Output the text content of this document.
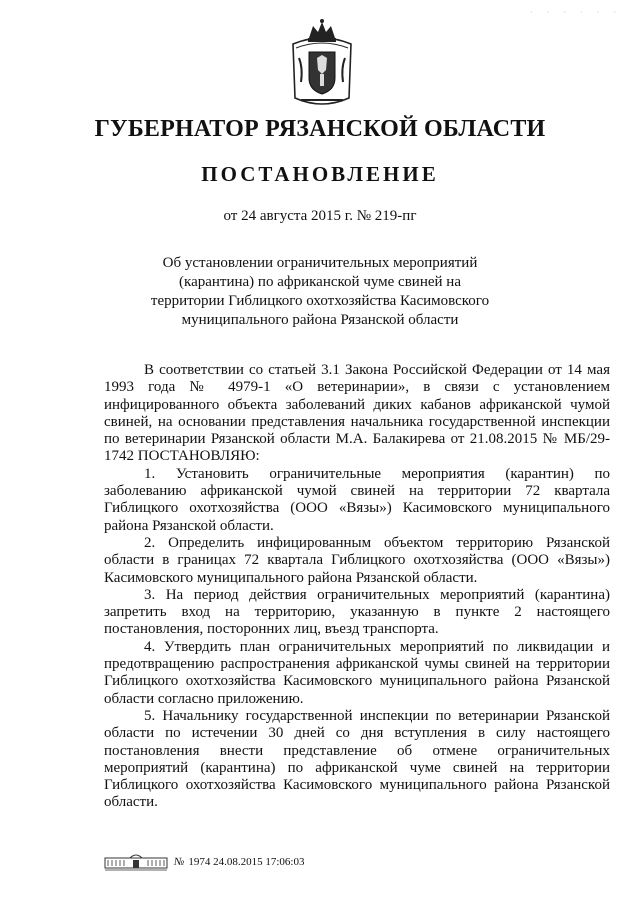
· · · · · ·
ГУБЕРНАТОР РЯЗАНСКОЙ ОБЛАСТИ
ПОСТАНОВЛЕНИЕ
от 24 августа 2015 г. № 219-пг
Об установлении ограничительных мероприятий (карантина) по африканской чуме свиней на территории Гиблицкого охотхозяйства Касимовского муниципального района Рязанской области

В соответствии со статьей 3.1 Закона Российской Федерации от 14 мая 1993 года № 4979-1 «О ветеринарии», в связи с установлением инфицированного объекта заболеваний диких кабанов африканской чумой свиней, на основании представления начальника государственной инспекции по ветеринарии Рязанской области М.А. Балакирева от 21.08.2015 № МБ/29-1742 ПОСТАНОВЛЯЮ:

1. Установить ограничительные мероприятия (карантин) по заболеванию африканской чумой свиней на территории 72 квартала Гиблицкого охотхозяйства (ООО «Вязы») Касимовского муниципального района Рязанской области.

2. Определить инфицированным объектом территорию Рязанской области в границах 72 квартала Гиблицкого охотхозяйства (ООО «Вязы») Касимовского муниципального района Рязанской области.

3. На период действия ограничительных мероприятий (карантина) запретить вход на территорию, указанную в пункте 2 настоящего постановления, посторонних лиц, въезд транспорта.

4. Утвердить план ограничительных мероприятий по ликвидации и предотвращению распространения африканской чумы свиней на территории Гиблицкого охотхозяйства Касимовского муниципального района Рязанской области согласно приложению.

5. Начальнику государственной инспекции по ветеринарии Рязанской области по истечении 30 дней со дня вступления в силу настоящего постановления внести представление об отмене ограничительных мероприятий (карантина) по африканской чуме свиней на территории Гиблицкого охотхозяйства Касимовского муниципального района Рязанской области.

№ 1974 24.08.2015 17:06:03
